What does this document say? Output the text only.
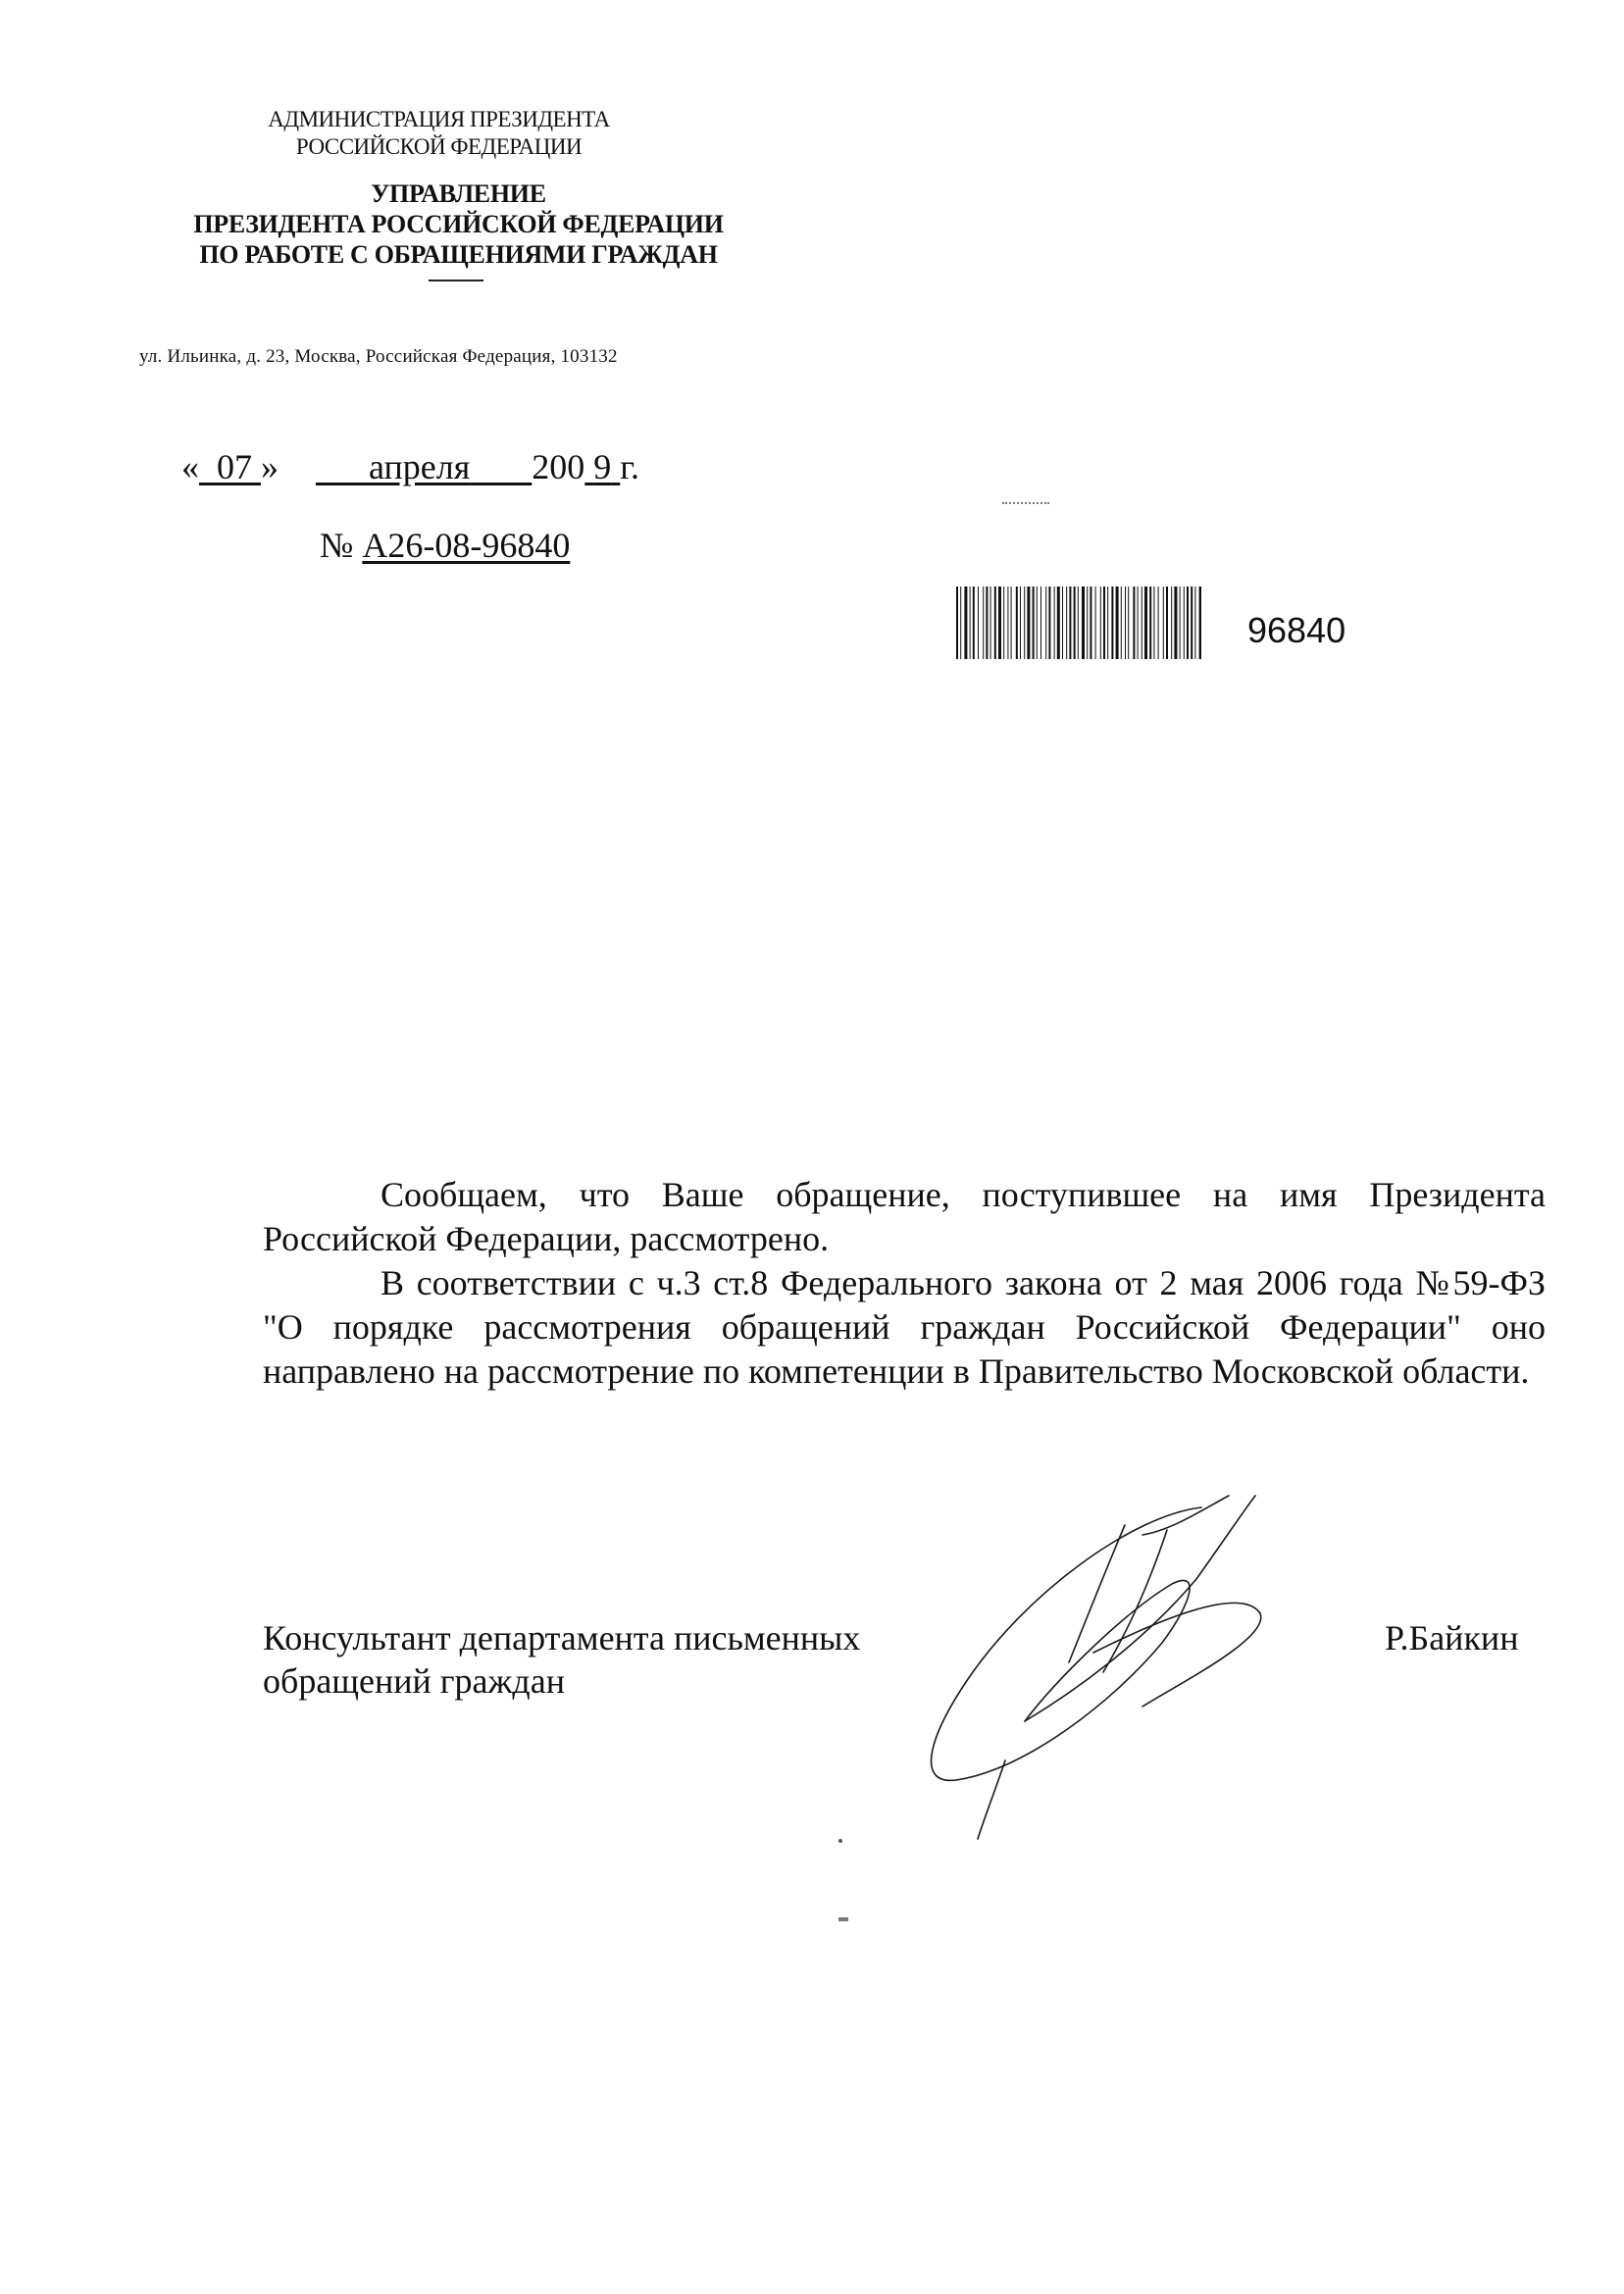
АДМИНИСТРАЦИЯ ПРЕЗИДЕНТА
РОССИЙСКОЙ ФЕДЕРАЦИИ
УПРАВЛЕНИЕ
ПРЕЗИДЕНТА РОССИЙСКОЙ ФЕДЕРАЦИИ
ПО РАБОТЕ С ОБРАЩЕНИЯМИ ГРАЖДАН
ул. Ильинка, д. 23, Москва, Российская Федерация, 103132
« 07 »	апреля 200 9 г.
№ А26-08-96840
96840
Сообщаем, что Ваше обращение, поступившее на имя Президента Российской Федерации, рассмотрено.
В соответствии с ч.3 ст.8 Федерального закона от 2 мая 2006 года №59-ФЗ "О порядке рассмотрения обращений граждан Российской Федерации" оно направлено на рассмотрение по компетенции в Правительство Московской области.
Консультант департамента письменных
обращений граждан
Р.Байкин
